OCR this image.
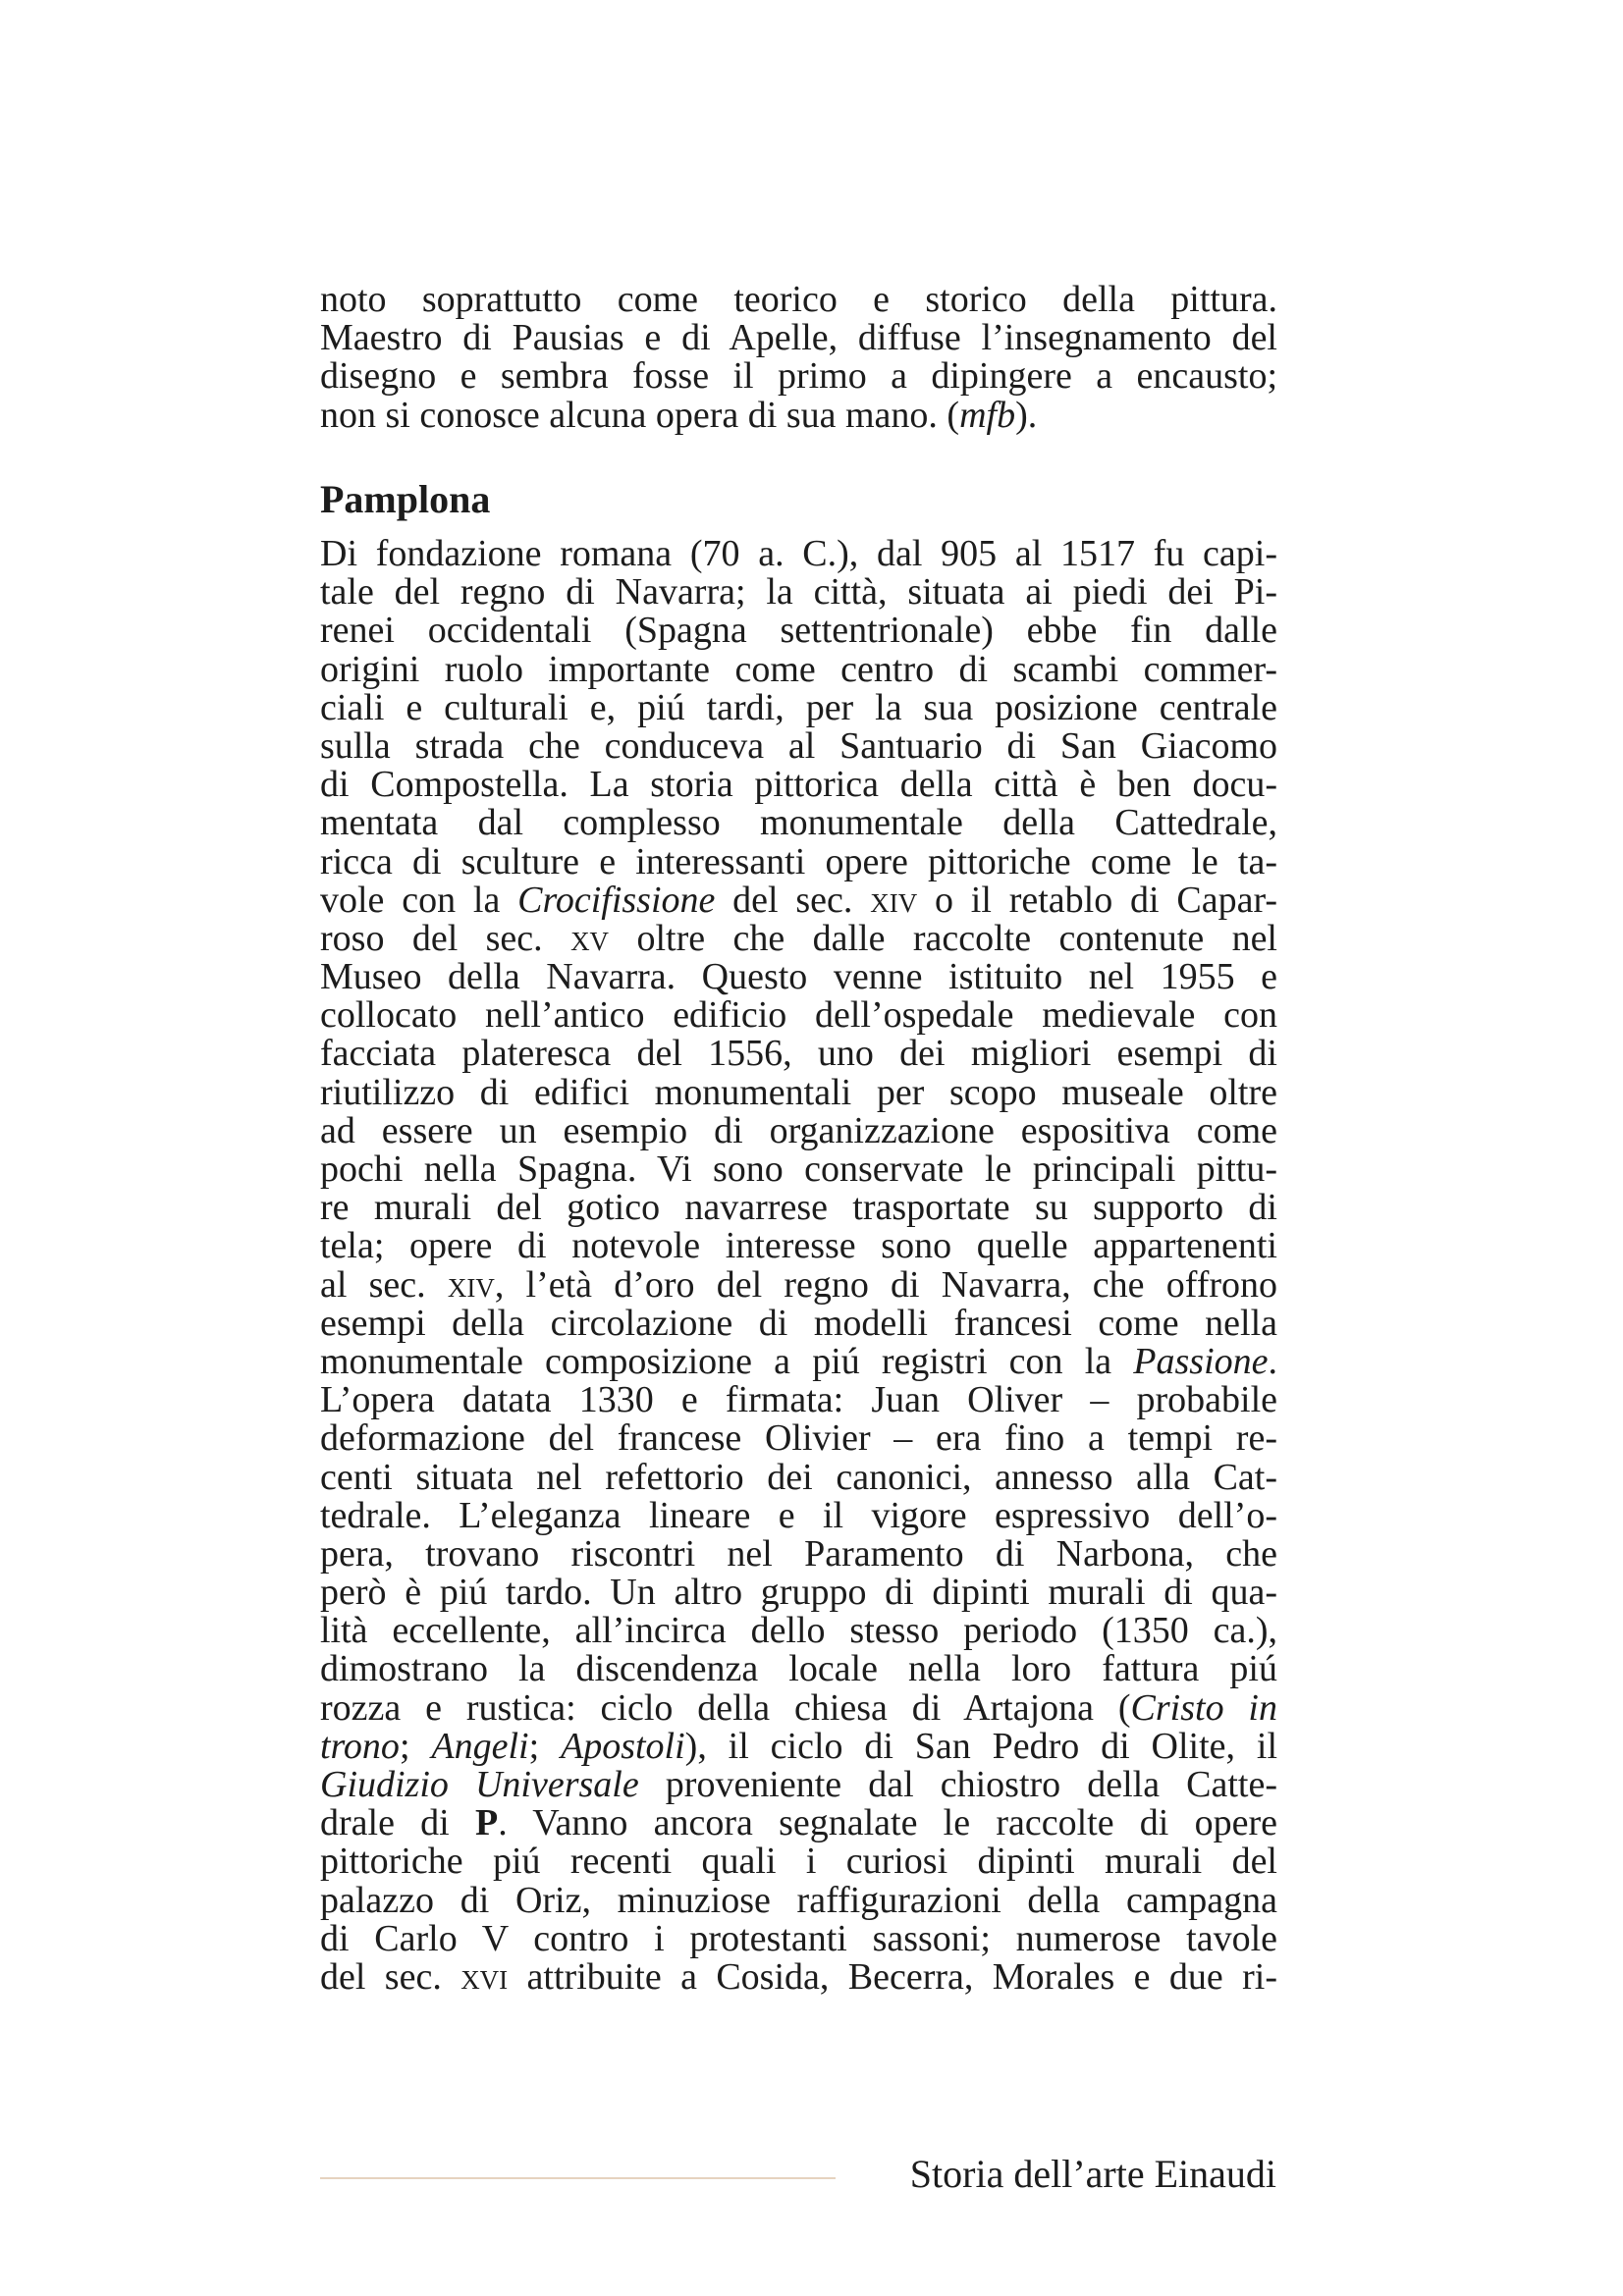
noto soprattutto come teorico e storico della pittura.
Maestro di Pausias e di Apelle, diffuse l’insegnamento del
disegno e sembra fosse il primo a dipingere a encausto;
non si conosce alcuna opera di sua mano. (mfb).
Pamplona
Di fondazione romana (70 a. C.), dal 905 al 1517 fu capi-
tale del regno di Navarra; la città, situata ai piedi dei Pi-
renei occidentali (Spagna settentrionale) ebbe fin dalle
origini ruolo importante come centro di scambi commer-
ciali e culturali e, piú tardi, per la sua posizione centrale
sulla strada che conduceva al Santuario di San Giacomo
di Compostella. La storia pittorica della città è ben docu-
mentata dal complesso monumentale della Cattedrale,
ricca di sculture e interessanti opere pittoriche come le ta-
vole con la Crocifissione del sec. xiv o il retablo di Capar-
roso del sec. xv oltre che dalle raccolte contenute nel
Museo della Navarra. Questo venne istituito nel 1955 e
collocato nell’antico edificio dell’ospedale medievale con
facciata plateresca del 1556, uno dei migliori esempi di
riutilizzo di edifici monumentali per scopo museale oltre
ad essere un esempio di organizzazione espositiva come
pochi nella Spagna. Vi sono conservate le principali pittu-
re murali del gotico navarrese trasportate su supporto di
tela; opere di notevole interesse sono quelle appartenenti
al sec. xiv, l’età d’oro del regno di Navarra, che offrono
esempi della circolazione di modelli francesi come nella
monumentale composizione a piú registri con la Passione.
L’opera datata 1330 e firmata: Juan Oliver – probabile
deformazione del francese Olivier – era fino a tempi re-
centi situata nel refettorio dei canonici, annesso alla Cat-
tedrale. L’eleganza lineare e il vigore espressivo dell’o-
pera, trovano riscontri nel Paramento di Narbona, che
però è piú tardo. Un altro gruppo di dipinti murali di qua-
lità eccellente, all’incirca dello stesso periodo (1350 ca.),
dimostrano la discendenza locale nella loro fattura piú
rozza e rustica: ciclo della chiesa di Artajona (Cristo in
trono; Angeli; Apostoli), il ciclo di San Pedro di Olite, il
Giudizio Universale proveniente dal chiostro della Catte-
drale di P. Vanno ancora segnalate le raccolte di opere
pittoriche piú recenti quali i curiosi dipinti murali del
palazzo di Oriz, minuziose raffigurazioni della campagna
di Carlo V contro i protestanti sassoni; numerose tavole
del sec. xvi attribuite a Cosida, Becerra, Morales e due ri-
Storia dell’arte Einaudi
